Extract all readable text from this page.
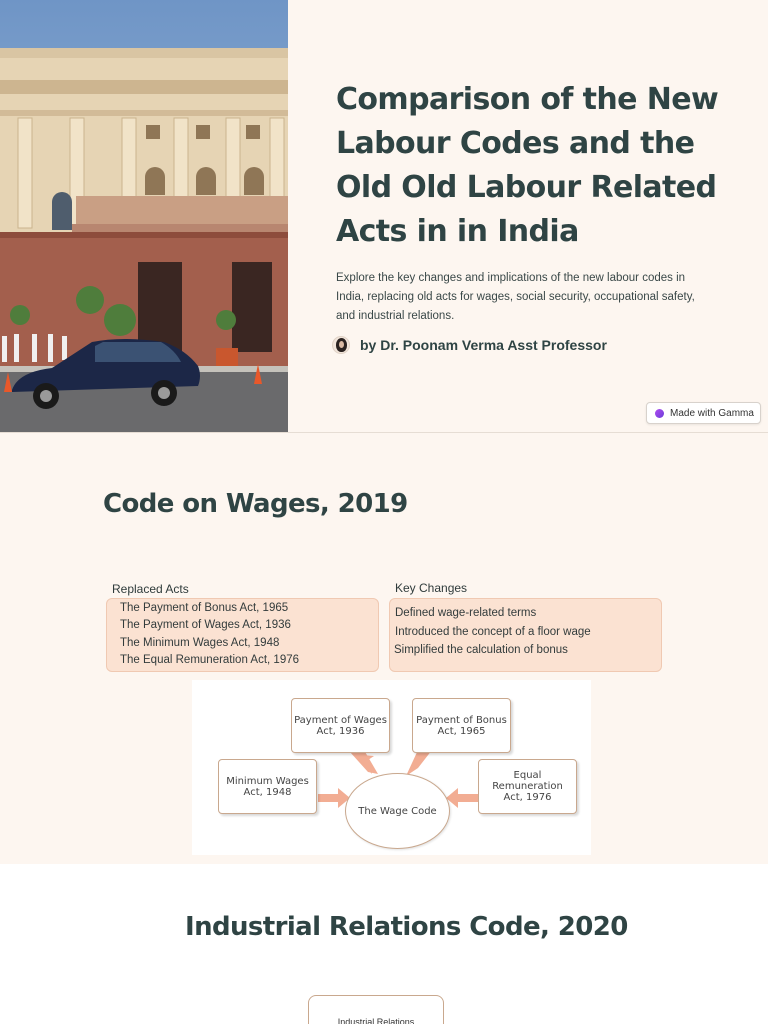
Comparison of the New Labour Codes and the Old Old Labour Related Acts in in India

Explore the key changes and implications of the new labour codes in India, replacing old acts for wages, social security, occupational safety, and industrial relations.

by Dr. Poonam Verma Asst Professor
Made with Gamma
Code on Wages, 2019
Replaced Acts
The Payment of Bonus Act, 1965
The Payment of Wages Act, 1936
The Minimum Wages Act, 1948
The Equal Remuneration Act, 1976
Key Changes
Defined wage-related terms
Introduced the concept of a floor wage
Simplified the calculation of bonus
Payment of Wages Act, 1936
Payment of Bonus Act, 1965
Minimum Wages Act, 1948
Equal Remuneration Act, 1976
The Wage Code
Industrial Relations Code, 2020
Industrial Relations
